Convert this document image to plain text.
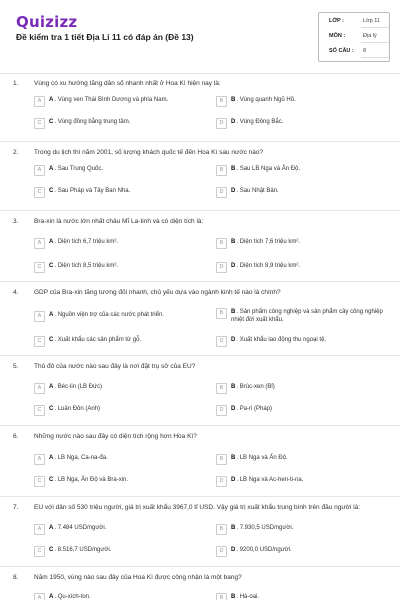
Quizizz
Đề kiểm tra 1 tiết Địa Lí 11 có đáp án (Đề 13)
LỚP :	Lớp 11
MÔN :	Địa lý
SỐ CÂU : 8
1. Vùng có xu hướng tăng dân số nhanh nhất ở Hoa Kì hiện nay là:
A	A. Vùng ven Thái Bình Dương và phía Nam.	B	B. Vùng quanh Ngũ Hồ.
C	C. Vùng đồng bằng trung tâm.	D	D. Vùng Đông Bắc.
2. Trong du lịch thì năm 2001, số lượng khách quốc tế đến Hoa Kì sau nước nào?
A	A. Sau Trung Quốc.	B	B. Sau LB Nga và Ấn Độ.
C	C. Sau Pháp và Tây Ban Nha.	D	D. Sau Nhật Bản.
3. Bra-xin là nước lớn nhất châu Mĩ La-tinh và có diện tích là:
A	A. Diện tích 6,7 triệu km².	B	B. Diện tích 7,6 triệu km².
C	C. Diện tích 8,5 triệu km².	D	D. Diện tích 8,9 triệu km².
4. GDP của Bra-xin tăng tương đối nhanh, chủ yếu dựa vào ngành kinh tế nào là chính?
A	A. Nguồn viện trợ của các nước phát triển.	B	B. Sản phẩm công nghiệp và sản phẩm cây công nghiệp nhiệt đới xuất khẩu.
C	C. Xuất khẩu các sản phẩm từ gỗ.	D	D. Xuất khẩu lao động thu ngoại tệ.
5. Thủ đô của nước nào sau đây là nơi đặt trụ sở của EU?
A	A. Béc-lin (LB Đức)	B	B. Brúc-xen (Bỉ)
C	C. Luân Đôn (Anh)	D	D. Pa-ri (Pháp)
6. Những nước nào sau đây có diện tích rộng hơn Hoa Kì?
A	A. LB Nga, Ca-na-đa.	B	B. LB Nga và Ấn Độ.
C	C. LB Nga, Ấn Độ và Bra-xin.	D	D. LB Nga và Ac-hen-ti-na.
7. EU với dân số 530 triệu người, giá trị xuất khẩu 3967,0 tỉ USD. Vậy giá trị xuất khẩu trung bình trên đầu người là:
A	A. 7.484 USD/người.	B	B. 7.930,5 USD/người.
C	C. 8.516,7 USD/người.	D	D. 9200,0 USD/người.
8. Năm 1950, vùng nào sau đây của Hoa Kì được công nhận là một bang?
A	A. Qu-xích-ton.	B	B. Hà-oai.
